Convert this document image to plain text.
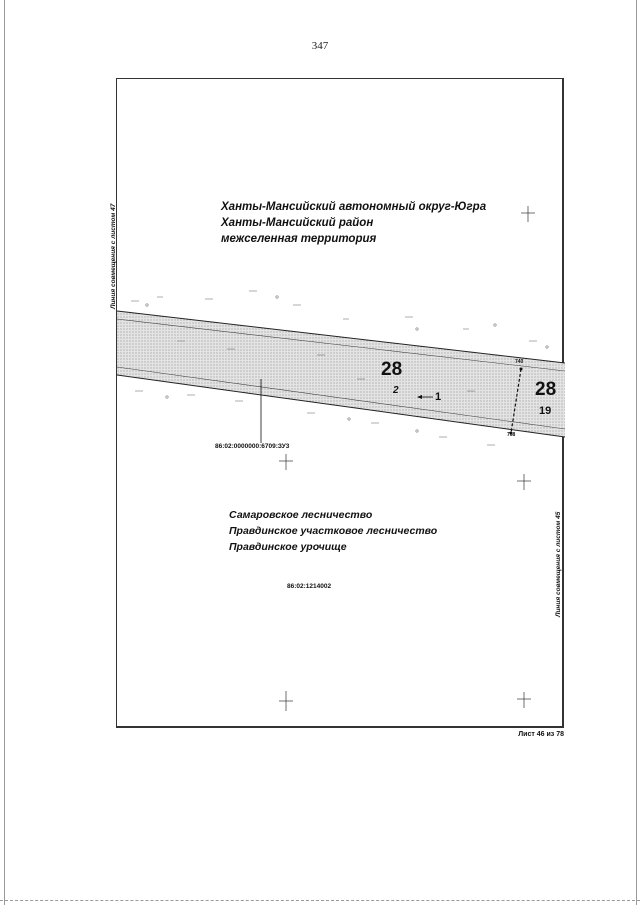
347
Ханты-Мансийский автономный округ-Югра
Ханты-Мансийский район
межселенная территория
28
2
1	28
19
740
768
86:02:0000000:6709:ЗУ3
Самаровское лесничество
Правдинское участковое лесничество
Правдинское урочище
86:02:1214002
Линия совмещения с листом 47
Линия совмещения с листом 45
Лист 46 из 78
